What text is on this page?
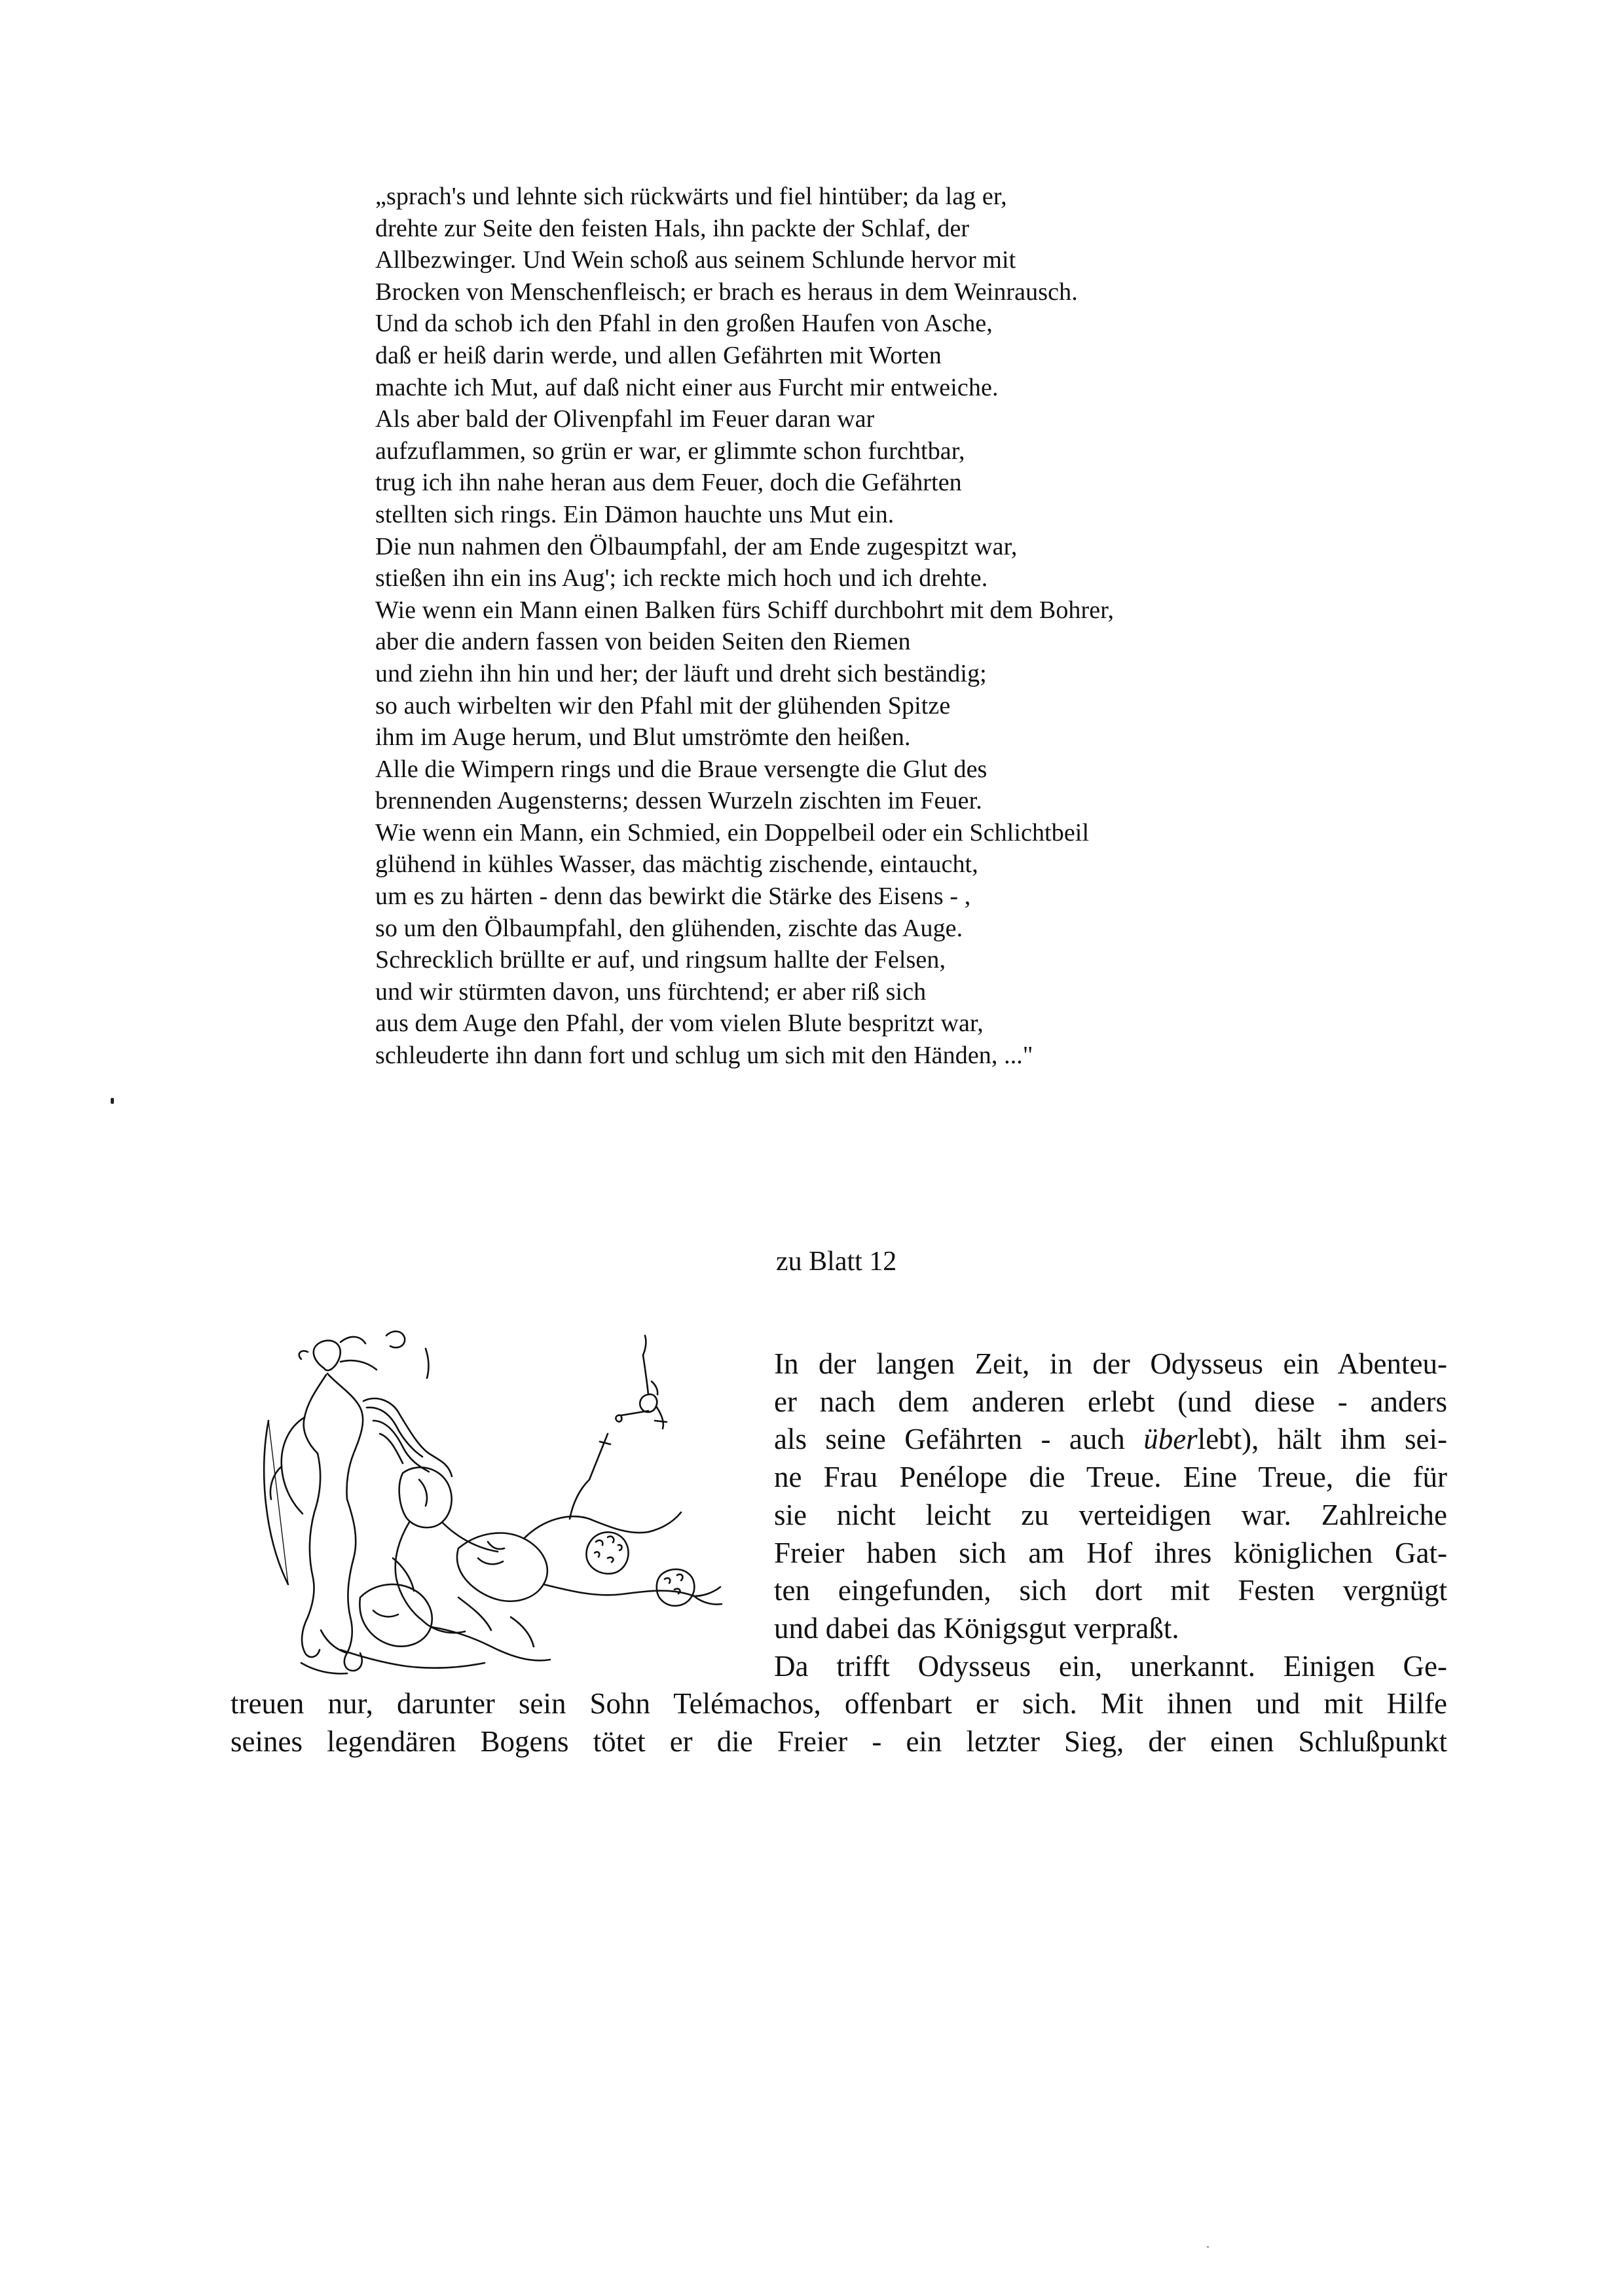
„sprach's und lehnte sich rückwärts und fiel hintüber; da lag er,
drehte zur Seite den feisten Hals, ihn packte der Schlaf, der
Allbezwinger. Und Wein schoß aus seinem Schlunde hervor mit
Brocken von Menschenfleisch; er brach es heraus in dem Weinrausch.
Und da schob ich den Pfahl in den großen Haufen von Asche,
daß er heiß darin werde, und allen Gefährten mit Worten
machte ich Mut, auf daß nicht einer aus Furcht mir entweiche.
Als aber bald der Olivenpfahl im Feuer daran war
aufzuflammen, so grün er war, er glimmte schon furchtbar,
trug ich ihn nahe heran aus dem Feuer, doch die Gefährten
stellten sich rings. Ein Dämon hauchte uns Mut ein.
Die nun nahmen den Ölbaumpfahl, der am Ende zugespitzt war,
stießen ihn ein ins Aug'; ich reckte mich hoch und ich drehte.
Wie wenn ein Mann einen Balken fürs Schiff durchbohrt mit dem Bohrer,
aber die andern fassen von beiden Seiten den Riemen
und ziehn ihn hin und her; der läuft und dreht sich beständig;
so auch wirbelten wir den Pfahl mit der glühenden Spitze
ihm im Auge herum, und Blut umströmte den heißen.
Alle die Wimpern rings und die Braue versengte die Glut des
brennenden Augensterns; dessen Wurzeln zischten im Feuer.
Wie wenn ein Mann, ein Schmied, ein Doppelbeil oder ein Schlichtbeil
glühend in kühles Wasser, das mächtig zischende, eintaucht,
um es zu härten - denn das bewirkt die Stärke des Eisens - ,
so um den Ölbaumpfahl, den glühenden, zischte das Auge.
Schrecklich brüllte er auf, und ringsum hallte der Felsen,
und wir stürmten davon, uns fürchtend; er aber riß sich
aus dem Auge den Pfahl, der vom vielen Blute bespritzt war,
schleuderte ihn dann fort und schlug um sich mit den Händen, ..."
zu Blatt 12
In der langen Zeit, in der Odysseus ein Abenteu-
er nach dem anderen erlebt (und diese - anders
als seine Gefährten - auch überlebt), hält ihm sei-
ne Frau Penélope die Treue. Eine Treue, die für
sie nicht leicht zu verteidigen war. Zahlreiche
Freier haben sich am Hof ihres königlichen Gat-
ten eingefunden, sich dort mit Festen vergnügt
und dabei das Königsgut verpraßt.
Da trifft Odysseus ein, unerkannt. Einigen Ge-
treuen nur, darunter sein Sohn Telémachos, offenbart er sich. Mit ihnen und mit Hilfe
seines legendären Bogens tötet er die Freier - ein letzter Sieg, der einen Schlußpunkt
